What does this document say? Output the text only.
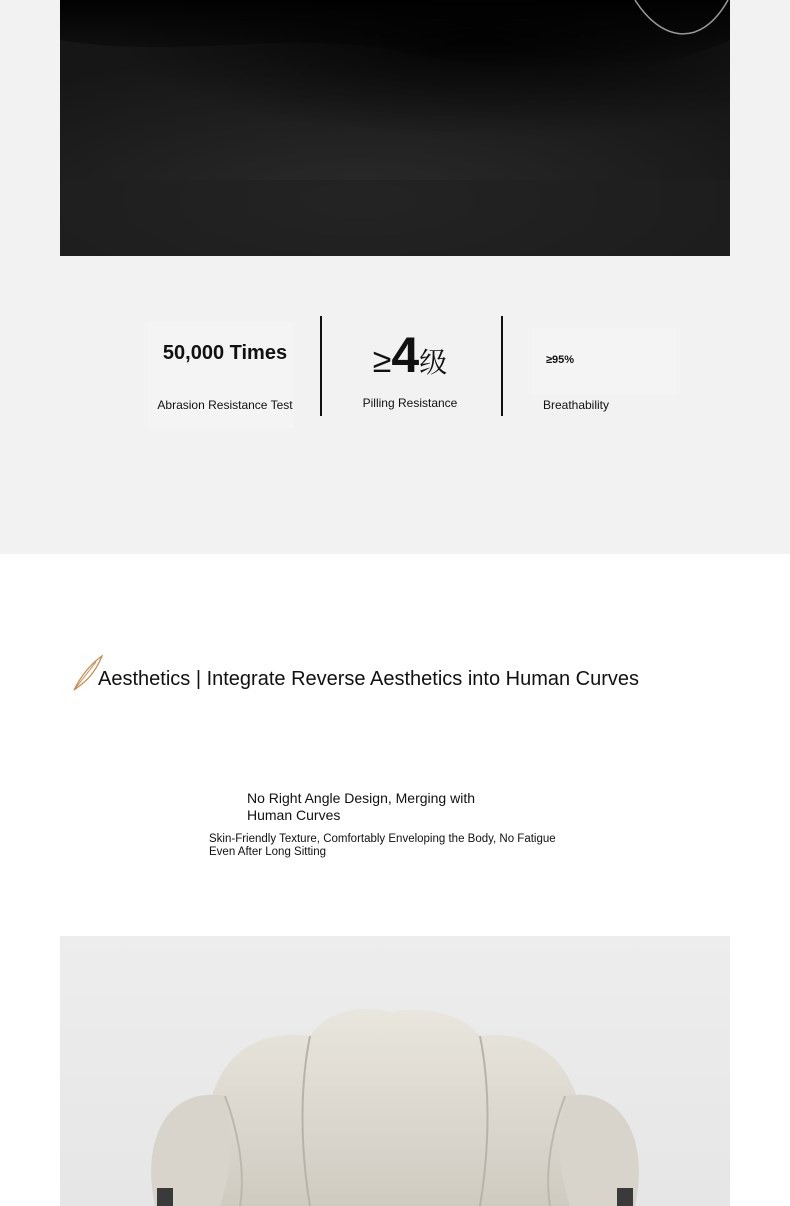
50,000 Times
Abrasion Resistance Test
≥4级
Pilling Resistance
≥95%
Breathability
Aesthetics | Integrate Reverse Aesthetics into Human Curves
No Right Angle Design, Merging with Human Curves
Skin-Friendly Texture, Comfortably Enveloping the Body, No Fatigue Even After Long Sitting
